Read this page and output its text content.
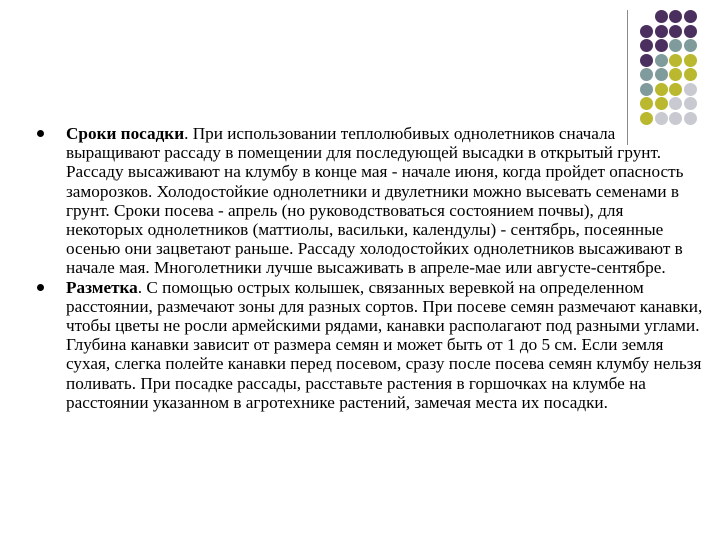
Сроки посадки. При использовании теплолюбивых однолетников сначала выращивают рассаду в помещении для последующей высадки в открытый грунт. Рассаду высаживают на клумбу в конце мая - начале июня, когда пройдет опасность заморозков. Холодостойкие однолетники и двулетники можно высевать семенами в грунт. Сроки посева - апрель (но руководствоваться состоянием почвы), для некоторых однолетников (маттиолы, васильки, календулы) - сентябрь, посеянные осенью они зацветают раньше. Рассаду холодостойких однолетников высаживают в начале мая. Многолетники лучше высаживать в апреле-мае или августе-сентябре.
Разметка. С помощью острых колышек, связанных веревкой на определенном расстоянии, размечают зоны для разных сортов. При посеве семян размечают канавки, чтобы цветы не росли армейскими рядами, канавки располагают под разными углами. Глубина канавки зависит от размера семян и может быть от 1 до 5 см. Если земля сухая, слегка полейте канавки перед посевом, сразу после посева семян клумбу нельзя поливать. При посадке рассады, расставьте растения в горшочках на клумбе на расстоянии указанном в агротехнике растений, замечая места их посадки.
